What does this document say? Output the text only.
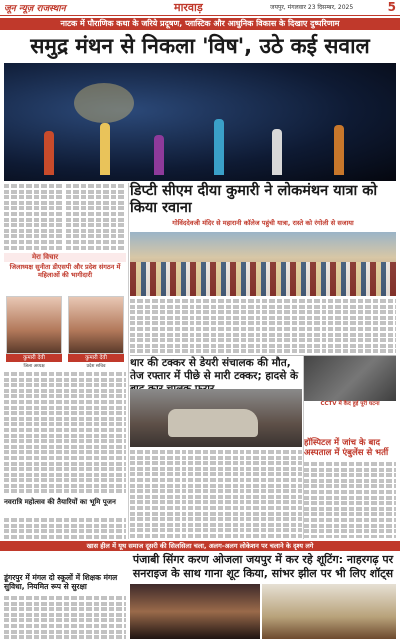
जून न्यूज़ राजस्थान	मारवाड़	जयपुर, मंगलवार 23 दिसम्बर, 2025	5
नाटक में पौराणिक कथा के जरिये प्रदूषण, प्लास्टिक और आधुनिक विकास के दिखाए दुष्परिणाम
समुद्र मंथन से निकला 'विष', उठे कई सवाल
मेरा विचार
जिलाध्यक्ष सुनीता डीएसपी और प्रदेश संगठन में महिलाओं की भागीदारी
कुमारी देवी
जिला अध्यक्ष
कुमारी देवी
प्रदेश सचिव
नवरात्रि महोत्सव की तैयारियों का भूमि पूजन
डिप्टी सीएम दीया कुमारी ने लोकमंथन यात्रा को किया रवाना
गोविंददेवजी मंदिर से महारानी कॉलेज पहुंची यात्रा, रास्ते को रंगोली से सजाया
थार की टक्कर से डेयरी संचालक की मौत, तेज रफ्तार में पीछे से मारी टक्कर; हादसे के
CCTV में कैद हुई पूरी घटना
हॉस्पिटल में जांच के बाद अस्पताल में एंबुलेंस से भर्ती
खास हील में यूथ समाज दूसरी की सिलसिला चला, अलग-अलग लोकेशन पर चलाने के दृश्य लगे
डूंगरपुर में मंगल दो स्कूलों में शिक्षक मंगल सुविधा, नियमित रूप से सुरक्षा
पंजाबी सिंगर करण ओजला जयपुर में कर रहे शूटिंग: नाहरगढ़ पर सनराइज के साथ गाना शूट किया, सांभर झील पर भी लिए शॉट्स
